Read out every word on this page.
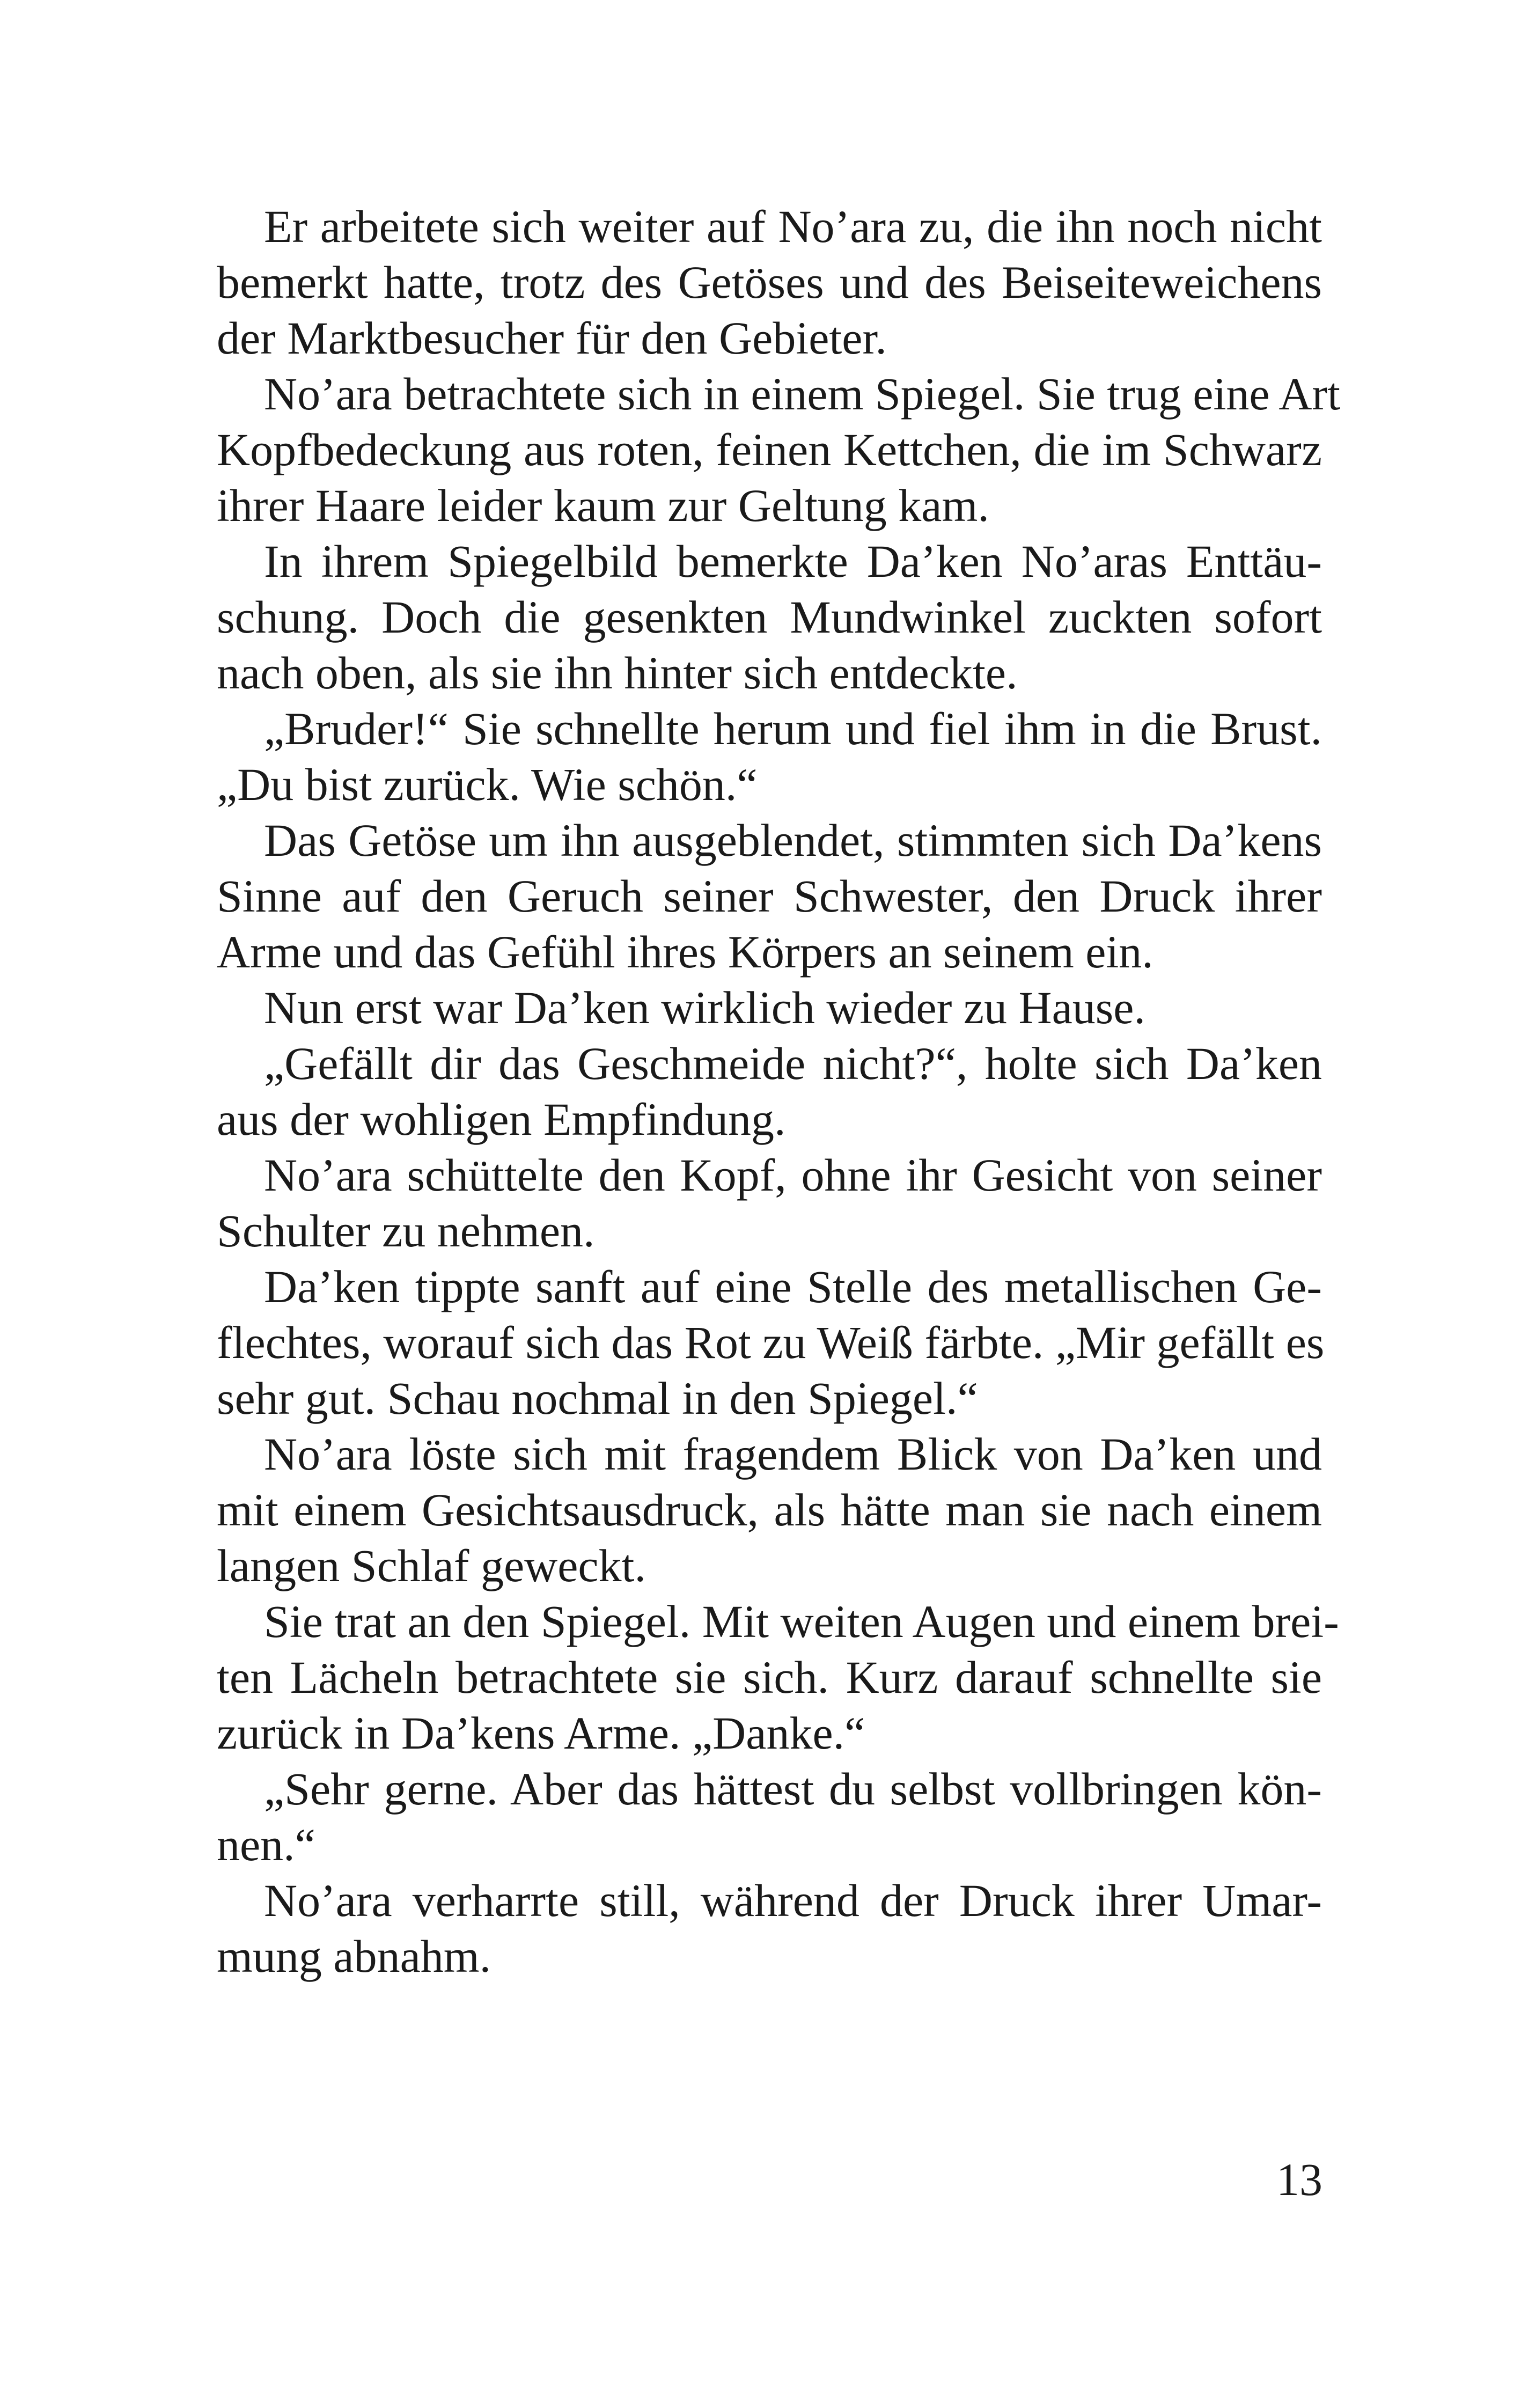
Er arbeitete sich weiter auf No’ara zu, die ihn noch nicht
bemerkt hatte, trotz des Getöses und des Beiseiteweichens
der Marktbesucher für den Gebieter.
No’ara betrachtete sich in einem Spiegel. Sie trug eine Art
Kopfbedeckung aus roten, feinen Kettchen, die im Schwarz
ihrer Haare leider kaum zur Geltung kam.
In ihrem Spiegelbild bemerkte Da’ken No’aras Enttäu-
schung. Doch die gesenkten Mundwinkel zuckten sofort
nach oben, als sie ihn hinter sich entdeckte.
„Bruder!“ Sie schnellte herum und fiel ihm in die Brust.
„Du bist zurück. Wie schön.“
Das Getöse um ihn ausgeblendet, stimmten sich Da’kens
Sinne auf den Geruch seiner Schwester, den Druck ihrer
Arme und das Gefühl ihres Körpers an seinem ein.
Nun erst war Da’ken wirklich wieder zu Hause.
„Gefällt dir das Geschmeide nicht?“, holte sich Da’ken
aus der wohligen Empfindung.
No’ara schüttelte den Kopf, ohne ihr Gesicht von seiner
Schulter zu nehmen.
Da’ken tippte sanft auf eine Stelle des metallischen Ge-
flechtes, worauf sich das Rot zu Weiß färbte. „Mir gefällt es
sehr gut. Schau nochmal in den Spiegel.“
No’ara löste sich mit fragendem Blick von Da’ken und
mit einem Gesichtsausdruck, als hätte man sie nach einem
langen Schlaf geweckt.
Sie trat an den Spiegel. Mit weiten Augen und einem brei-
ten Lächeln betrachtete sie sich. Kurz darauf schnellte sie
zurück in Da’kens Arme. „Danke.“
„Sehr gerne. Aber das hättest du selbst vollbringen kön-
nen.“
No’ara verharrte still, während der Druck ihrer Umar-
mung abnahm.
13
